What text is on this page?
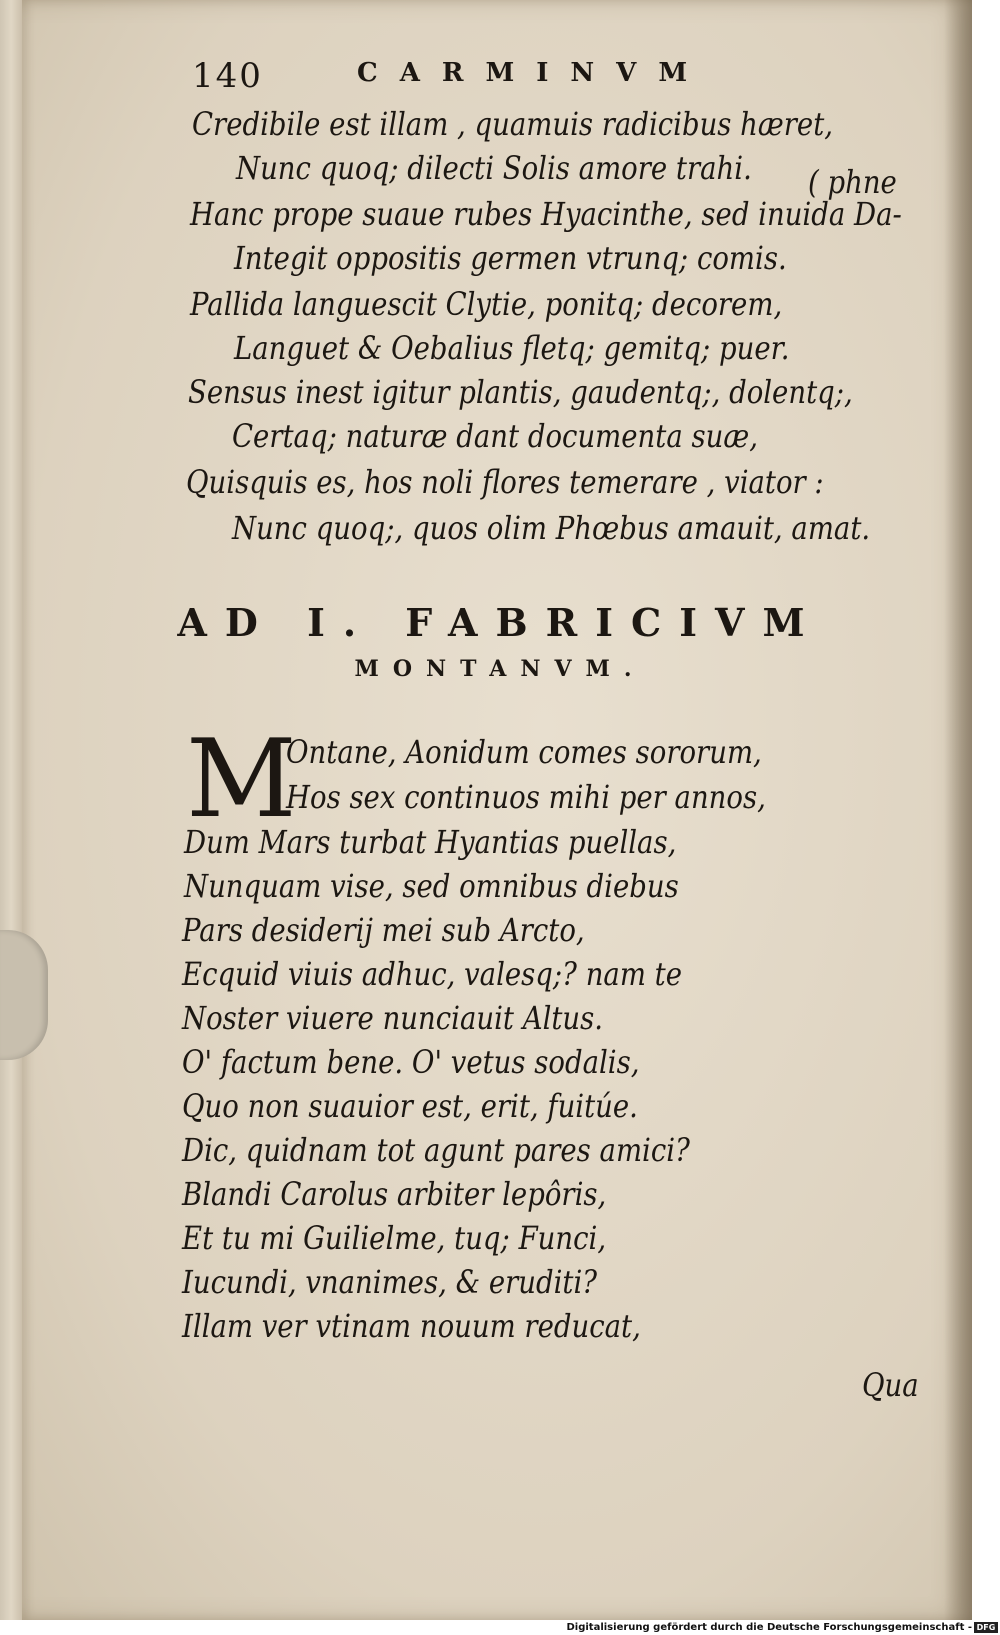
140	CARMINVM
Credibile est illam , quamuis radicibus hæret,
Nunc quoq; dilecti Solis amore trahi.	( phne
Hanc prope suaue rubes Hyacinthe, sed inuida Da-
Integit oppositis germen vtrunq; comis.
Pallida languescit Clytie, ponitq; decorem,
Languet & Oebalius fletq; gemitq; puer.
Sensus inest igitur plantis, gaudentq;, dolentq;,
Certaq; naturæ dant documenta suæ,
Quisquis es, hos noli flores temerare , viator :
Nunc quoq;, quos olim Phœbus amauit, amat.
AD I. FABRICIVM
MONTANVM.
M
Ontane, Aonidum comes sororum,
Hos sex continuos mihi per annos,
Dum Mars turbat Hyantias puellas,
Nunquam vise, sed omnibus diebus
Pars desiderij mei sub Arcto,
Ecquid viuis adhuc, valesq;? nam te
Noster viuere nunciauit Altus.
O' factum bene. O' vetus sodalis,
Quo non suauior est, erit, fuitúe.
Dic, quidnam tot agunt pares amici?
Blandi Carolus arbiter lepôris,
Et tu mi Guilielme, tuq; Funci,
Iucundi, vnanimes, & eruditi?
Illam ver vtinam nouum reducat,
Qua
Digitalisierung gefördert durch die Deutsche Forschungsgemeinschaft - DFG
